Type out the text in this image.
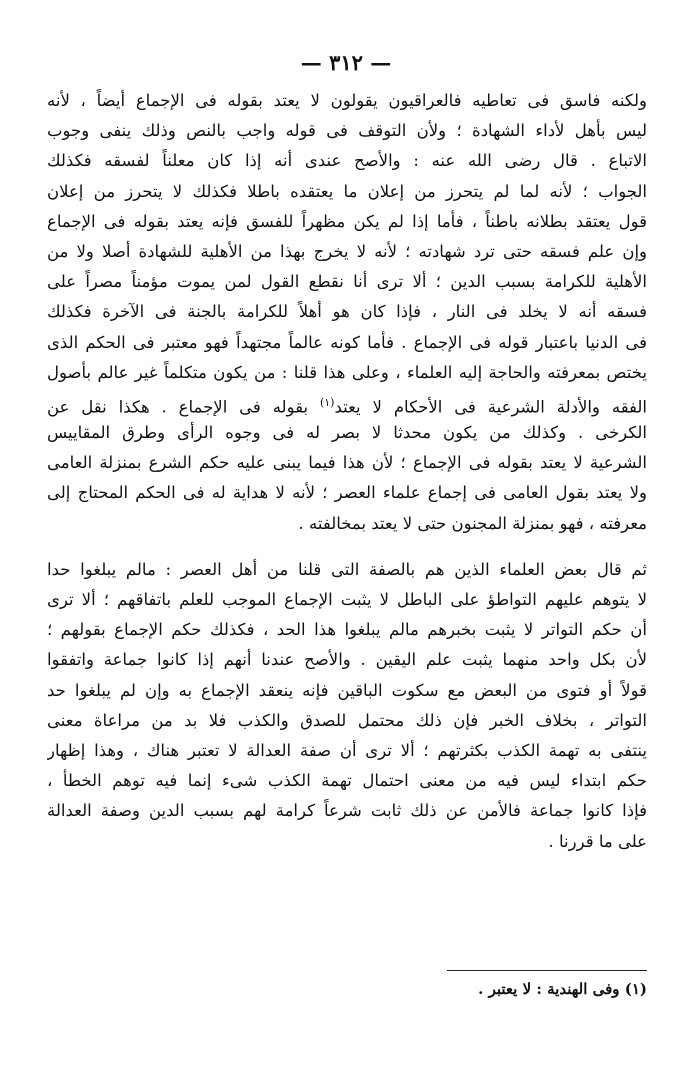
— ٣١٢ —
ولكنه فاسق فى تعاطيه فالعراقيون يقولون لا يعتد بقوله فى الإجماع أيضاً ، لأنه
ليس بأهل لأداء الشهادة ؛ ولأن التوقف فى قوله واجب بالنص وذلك ينفى وجوب
الاتباع . قال رضى الله عنه : والأصح عندى أنه إذا كان معلناً لفسقه فكذلك
الجواب ؛ لأنه لما لم يتحرز من إعلان ما يعتقده باطلا فكذلك لا يتحرز من إعلان
قول يعتقد بطلانه باطناً ، فأما إذا لم يكن مظهراً للفسق فإنه يعتد بقوله فى الإجماع
وإن علم فسقه حتى ترد شهادته ؛ لأنه لا يخرج بهذا من الأهلية للشهادة أصلا ولا من
الأهلية للكرامة بسبب الدين ؛ ألا ترى أنا نقطع القول لمن يموت مؤمناً مصراً على
فسقه أنه لا يخلد فى النار ، فإذا كان هو أهلاً للكرامة بالجنة فى الآخرة فكذلك
فى الدنيا باعتبار قوله فى الإجماع . فأما كونه عالماً مجتهداً فهو معتبر فى الحكم الذى
يختص بمعرفته والحاجة إليه العلماء ، وعلى هذا قلنا : من يكون متكلماً غير عالم بأصول
الفقه والأدلة الشرعية فى الأحكام لا يعتد$^{(١)}$ بقوله فى الإجماع . هكذا نقل عن
الكرخى . وكذلك من يكون محدثا لا بصر له فى وجوه الرأى وطرق المقاييس
الشرعية لا يعتد بقوله فى الإجماع ؛ لأن هذا فيما يبنى عليه حكم الشرع بمنزلة العامى
ولا يعتد بقول العامى فى إجماع علماء العصر ؛ لأنه لا هداية له فى الحكم المحتاج إلى
معرفته ، فهو بمنزلة المجنون حتى لا يعتد بمخالفته .
ثم قال بعض العلماء الذين هم بالصفة التى قلنا من أهل العصر : مالم يبلغوا حدا
لا يتوهم عليهم التواطؤ على الباطل لا يثبت الإجماع الموجب للعلم باتفاقهم ؛ ألا ترى
أن حكم التواتر لا يثبت بخبرهم مالم يبلغوا هذا الحد ، فكذلك حكم الإجماع بقولهم ؛
لأن بكل واحد منهما يثبت علم اليقين . والأصح عندنا أنهم إذا كانوا جماعة واتفقوا
قولاً أو فتوى من البعض مع سكوت الباقين فإنه ينعقد الإجماع به وإن لم يبلغوا حد
التواتر ، بخلاف الخبر فإن ذلك محتمل للصدق والكذب فلا بد من مراعاة معنى
ينتفى به تهمة الكذب بكثرتهم ؛ ألا ترى أن صفة العدالة لا تعتبر هناك ، وهذا إظهار
حكم ابتداء ليس فيه من معنى احتمال تهمة الكذب شىء إنما فيه توهم الخطأ ،
فإذا كانوا جماعة فالأمن عن ذلك ثابت شرعاً كرامة لهم بسبب الدين وصفة العدالة
على ما قررنا .
(١) وفى الهندية : لا يعتبر .
